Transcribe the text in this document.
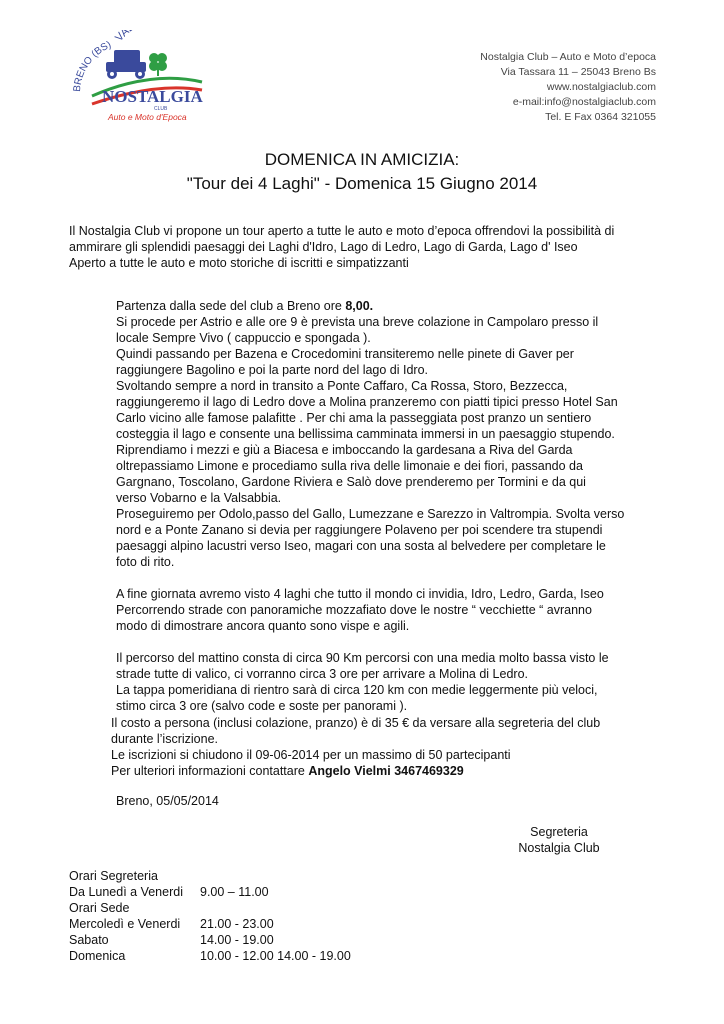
BRENO (BS)
VA
NOSTALGIA
CLUB
Auto e Moto d'Epoca
Nostalgia Club – Auto e Moto d’epoca
Via Tassara 11 – 25043 Breno Bs
www.nostalgiaclub.com
e-mail:info@nostalgiaclub.com
Tel. E Fax 0364 321055
DOMENICA IN AMICIZIA:
"Tour dei 4 Laghi" - Domenica 15 Giugno 2014
Il Nostalgia Club vi propone un tour aperto a tutte le auto e moto d’epoca offrendovi la possibilità di
ammirare gli splendidi paesaggi dei Laghi d'Idro, Lago di Ledro, Lago di Garda, Lago d' Iseo
Aperto a tutte le auto e moto storiche di iscritti e simpatizzanti

Partenza dalla sede del club a Breno ore 8,00.

Si procede per Astrio e alle ore 9 è prevista una breve colazione in Campolaro presso il

locale Sempre Vivo ( cappuccio e spongada ).

Quindi passando per Bazena e Crocedomini transiteremo nelle pinete di Gaver per

raggiungere Bagolino e poi la parte nord del lago di Idro.

Svoltando sempre a nord in transito a Ponte Caffaro, Ca Rossa, Storo, Bezzecca,

raggiungeremo il lago di Ledro dove a Molina pranzeremo con piatti tipici presso Hotel San

Carlo vicino alle famose palafitte . Per chi ama la passeggiata post pranzo un sentiero

costeggia il lago e consente una bellissima camminata immersi in un paesaggio stupendo.

Riprendiamo i mezzi e giù a Biacesa e imboccando la gardesana a Riva del Garda

oltrepassiamo Limone e procediamo sulla riva delle limonaie e dei fiori, passando da

Gargnano, Toscolano, Gardone Riviera e Salò dove prenderemo per Tormini e da qui

verso Vobarno e la Valsabbia.

Proseguiremo per Odolo,passo del Gallo, Lumezzane e Sarezzo in Valtrompia. Svolta verso

nord e a Ponte Zanano si devia per raggiungere Polaveno per poi scendere tra stupendi

paesaggi alpino lacustri verso Iseo, magari con una sosta al belvedere per completare le

foto di rito.

A fine giornata avremo visto 4 laghi che tutto il mondo ci invidia, Idro, Ledro, Garda, Iseo

Percorrendo strade con panoramiche mozzafiato dove le nostre “ vecchiette “ avranno

modo di dimostrare ancora quanto sono vispe e agili.

Il percorso del mattino consta di circa 90 Km percorsi con una media molto bassa visto le

strade tutte di valico, ci vorranno circa 3 ore per arrivare a Molina di Ledro.

La tappa pomeridiana di rientro sarà di circa 120 km con medie leggermente più veloci,

stimo circa 3 ore (salvo code e soste per panorami ).

Il costo a persona (inclusi colazione, pranzo) è di 35 € da versare alla segreteria del club

durante l’iscrizione.

Le iscrizioni si chiudono il 09-06-2014 per un massimo di 50 partecipanti

Per ulteriori informazioni contattare Angelo Vielmi 3467469329

Breno, 05/05/2014
Segreteria
Nostalgia Club
Orari Segreteria
Da Lunedì a Venerdi	9.00 – 11.00
Orari Sede
Mercoledì e Venerdi	21.00 - 23.00
Sabato	14.00 - 19.00
Domenica	10.00 - 12.00 14.00 - 19.00
